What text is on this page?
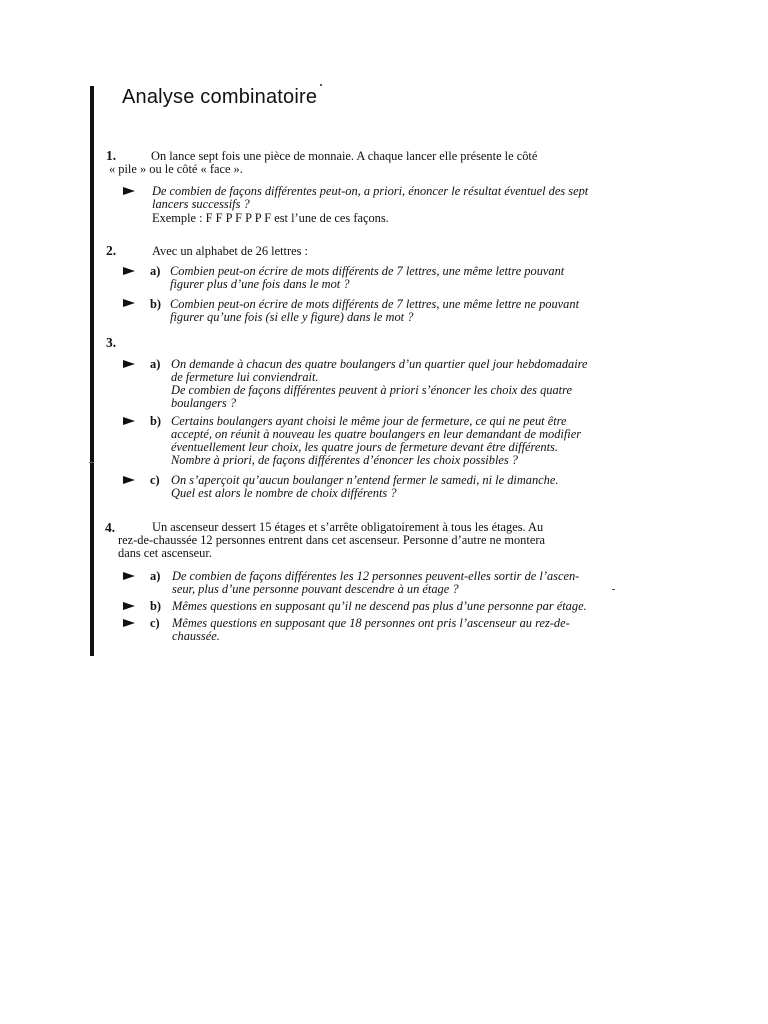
Analyse combinatoire
1.	On lance sept fois une pièce de monnaie. A chaque lancer elle présente le côté
« pile » ou le côté « face ».
De combien de façons différentes peut-on, a priori, énoncer le résultat éventuel des sept
lancers successifs ?
Exemple : F F P F P P F est l’une de ces façons.
2.	Avec un alphabet de 26 lettres :
a) Combien peut-on écrire de mots différents de 7 lettres, une même lettre pouvant
figurer plus d’une fois dans le mot ?
b) Combien peut-on écrire de mots différents de 7 lettres, une même lettre ne pouvant
figurer qu’une fois (si elle y figure) dans le mot ?
3.
a) On demande à chacun des quatre boulangers d’un quartier quel jour hebdomadaire
de fermeture lui conviendrait.
De combien de façons différentes peuvent à priori s’énoncer les choix des quatre
boulangers ?
b) Certains boulangers ayant choisi le même jour de fermeture, ce qui ne peut être
accepté, on réunit à nouveau les quatre boulangers en leur demandant de modifier
éventuellement leur choix, les quatre jours de fermeture devant être différents.
Nombre à priori, de façons différentes d’énoncer les choix possibles ?
c) On s’aperçoit qu’aucun boulanger n’entend fermer le samedi, ni le dimanche.
Quel est alors le nombre de choix différents ?
4.	Un ascenseur dessert 15 étages et s’arrête obligatoirement à tous les étages. Au
rez-de-chaussée 12 personnes entrent dans cet ascenseur. Personne d’autre ne montera
dans cet ascenseur.
a) De combien de façons différentes les 12 personnes peuvent-elles sortir de l’ascen-
seur, plus d’une personne pouvant descendre à un étage ?
b) Mêmes questions en supposant qu’il ne descend pas plus d’une personne par étage.
c) Mêmes questions en supposant que 18 personnes ont pris l’ascenseur au rez-de-
chaussée.
